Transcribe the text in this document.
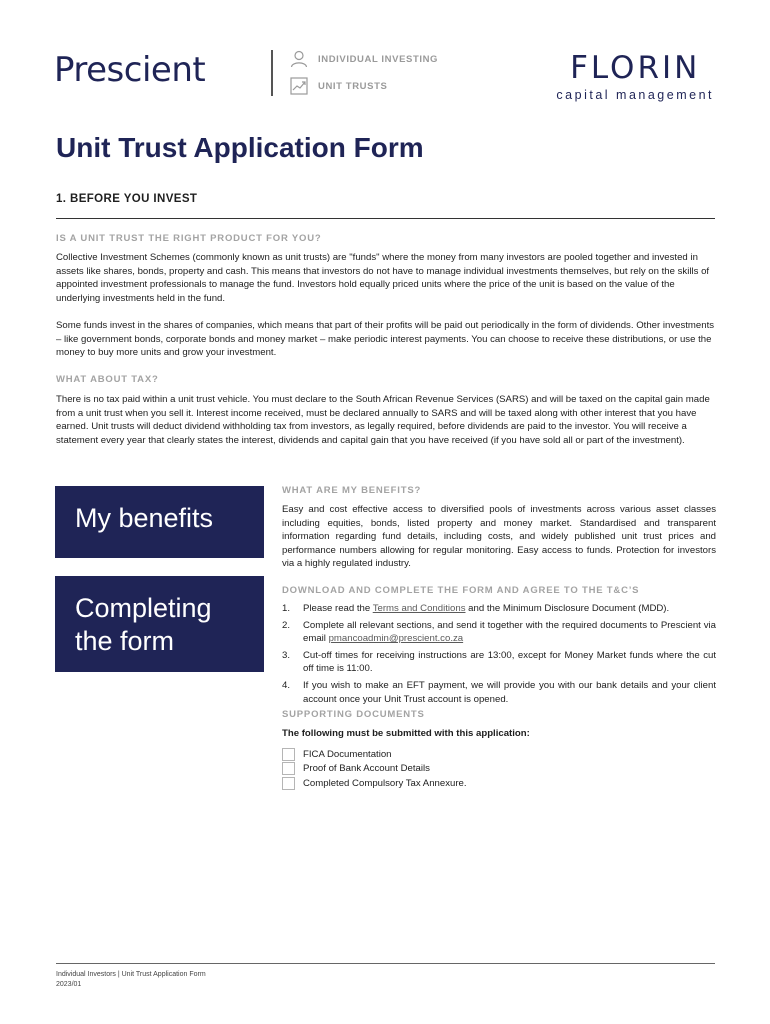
Prescient	INDIVIDUAL INVESTING
UNIT TRUSTS	FLORIN
capital management
Unit Trust Application Form
1. BEFORE YOU INVEST
IS A UNIT TRUST THE RIGHT PRODUCT FOR YOU?
Collective Investment Schemes (commonly known as unit trusts) are "funds" where the money from many investors are pooled together and invested in assets like shares, bonds, property and cash. This means that investors do not have to manage individual investments themselves, but rely on the skills of appointed investment professionals to manage the fund. Investors hold equally priced units where the price of the unit is based on the value of the underlying investments held in the fund.
Some funds invest in the shares of companies, which means that part of their profits will be paid out periodically in the form of dividends. Other investments – like government bonds, corporate bonds and money market – make periodic interest payments. You can choose to receive these distributions, or use the money to buy more units and grow your investment.
WHAT ABOUT TAX?
There is no tax paid within a unit trust vehicle. You must declare to the South African Revenue Services (SARS) and will be taxed on the capital gain made from a unit trust when you sell it. Interest income received, must be declared annually to SARS and will be taxed along with other interest that you have earned. Unit trusts will deduct dividend withholding tax from investors, as legally required, before dividends are paid to the investor. You will receive a statement every year that clearly states the interest, dividends and capital gain that you have received (if you have sold all or part of the investment).
My benefits
Completing
the form
WHAT ARE MY BENEFITS?
Easy and cost effective access to diversified pools of investments across various asset classes including equities, bonds, listed property and money market. Standardised and transparent information regarding fund details, including costs, and widely published unit trust prices and performance numbers allowing for regular monitoring. Easy access to funds. Protection for investors via a highly regulated industry.
DOWNLOAD AND COMPLETE THE FORM AND AGREE TO THE T&C’S
1.	Please read the Terms and Conditions and the Minimum Disclosure Document (MDD).
2.	Complete all relevant sections, and send it together with the required documents to Prescient via email pmancoadmin@prescient.co.za
3.	Cut-off times for receiving instructions are 13:00, except for Money Market funds where the cut off time is 11:00.
4.	If you wish to make an EFT payment, we will provide you with our bank details and your client account once your Unit Trust account is opened.
SUPPORTING DOCUMENTS
The following must be submitted with this application:
FICA Documentation
Proof of Bank Account Details
Completed Compulsory Tax Annexure.
Individual Investors | Unit Trust Application Form
2023/01
